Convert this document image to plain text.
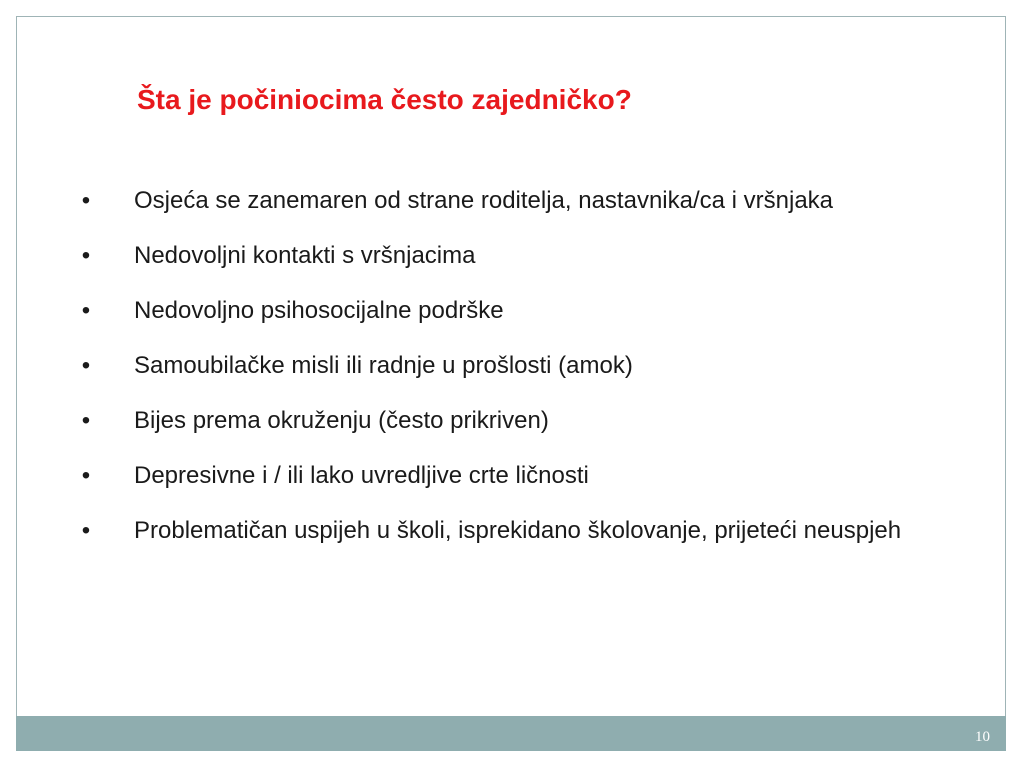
Šta je počiniocima često zajedničko?
• Osjeća se zanemaren od strane roditelja, nastavnika/ca i vršnjaka
• Nedovoljni kontakti s vršnjacima
• Nedovoljno psihosocijalne podrške
• Samoubilačke misli ili radnje u prošlosti (amok)
• Bijes prema okruženju (često prikriven)
• Depresivne i / ili lako uvredljive crte ličnosti
• Problematičan uspijeh u školi, isprekidano školovanje, prijeteći neuspjeh
10
